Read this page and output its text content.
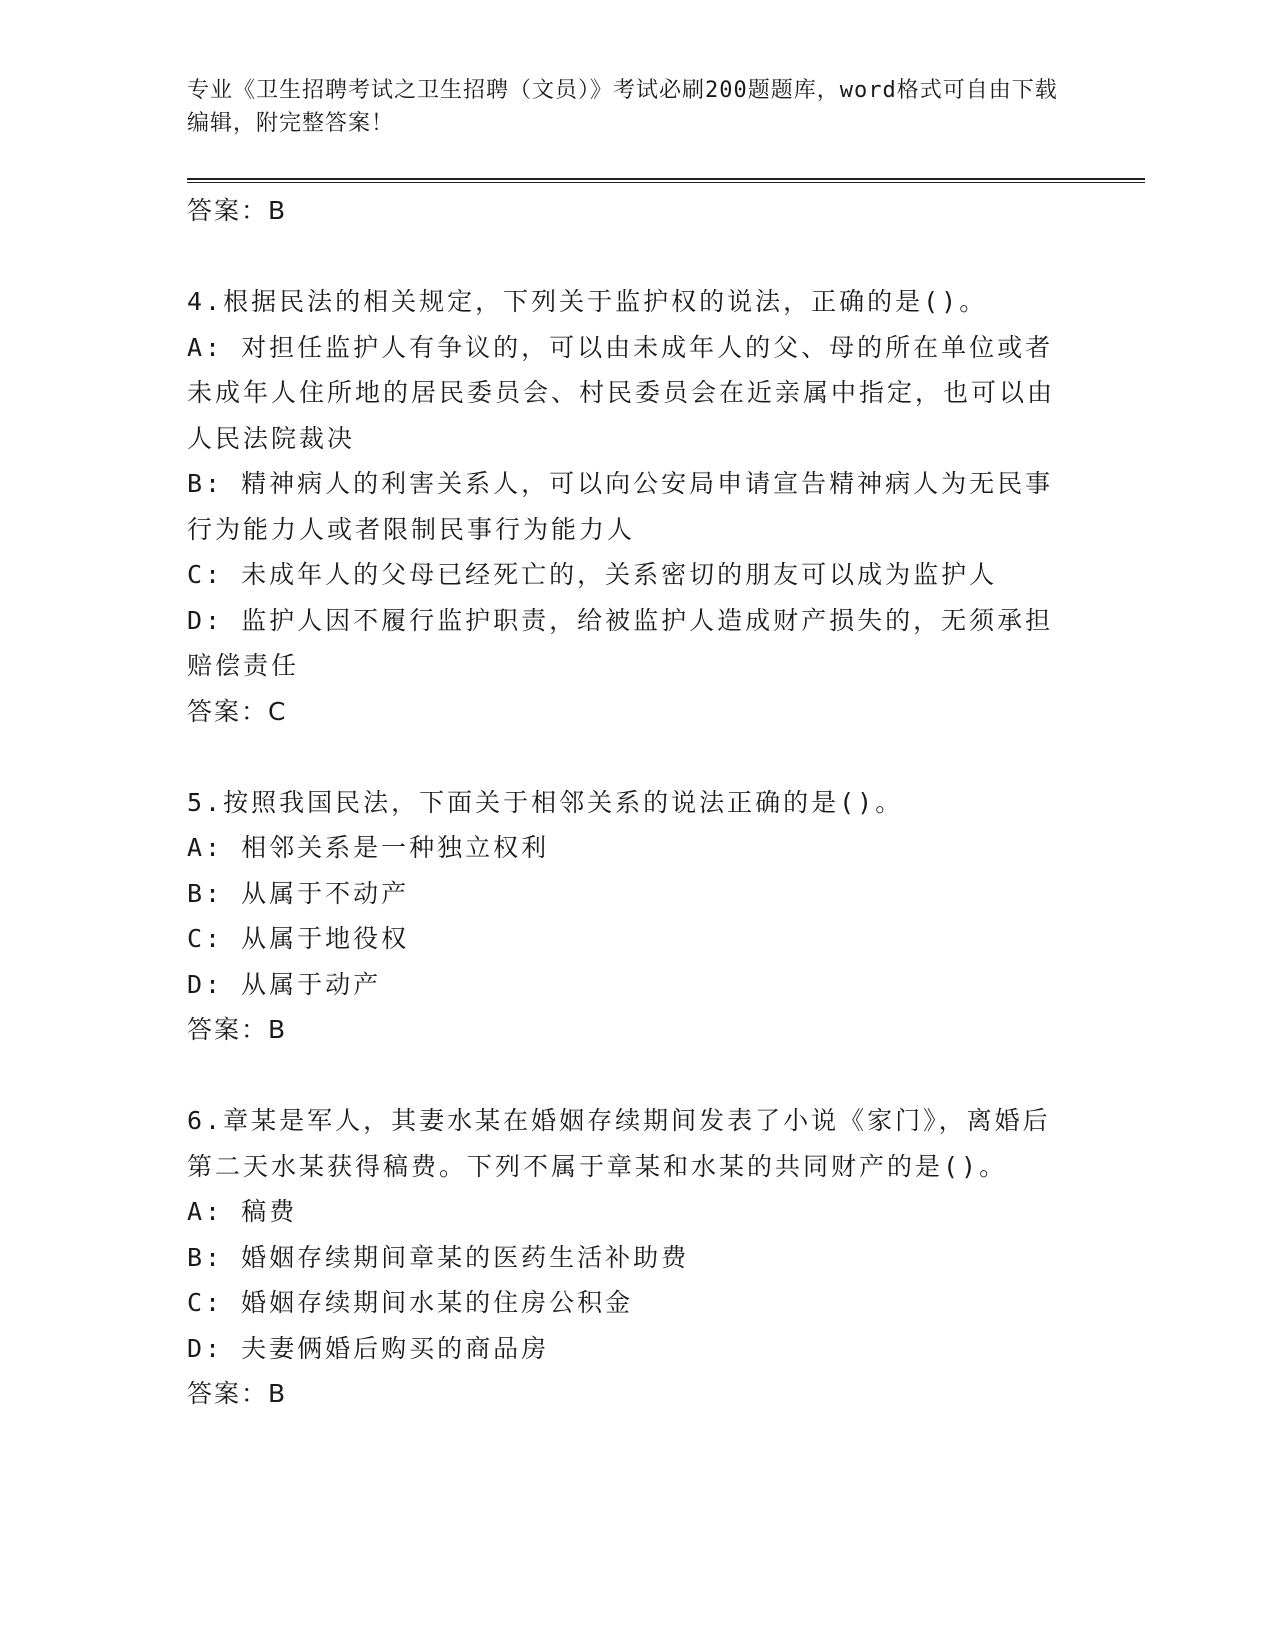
专业《卫生招聘考试之卫生招聘（文员）》考试必刷200题题库，word格式可自由下载编辑，附完整答案！

答案：B

4.根据民法的相关规定，下列关于监护权的说法，正确的是()。

A: 对担任监护人有争议的，可以由未成年人的父、母的所在单位或者未成年人住所地的居民委员会、村民委员会在近亲属中指定，也可以由人民法院裁决

B: 精神病人的利害关系人，可以向公安局申请宣告精神病人为无民事行为能力人或者限制民事行为能力人

C: 未成年人的父母已经死亡的，关系密切的朋友可以成为监护人

D: 监护人因不履行监护职责，给被监护人造成财产损失的，无须承担赔偿责任

答案：C

5.按照我国民法，下面关于相邻关系的说法正确的是()。

A: 相邻关系是一种独立权利

B: 从属于不动产

C: 从属于地役权

D: 从属于动产

答案：B

6.章某是军人，其妻水某在婚姻存续期间发表了小说《家门》，离婚后第二天水某获得稿费。下列不属于章某和水某的共同财产的是()。

A: 稿费

B: 婚姻存续期间章某的医药生活补助费

C: 婚姻存续期间水某的住房公积金

D: 夫妻俩婚后购买的商品房

答案：B
